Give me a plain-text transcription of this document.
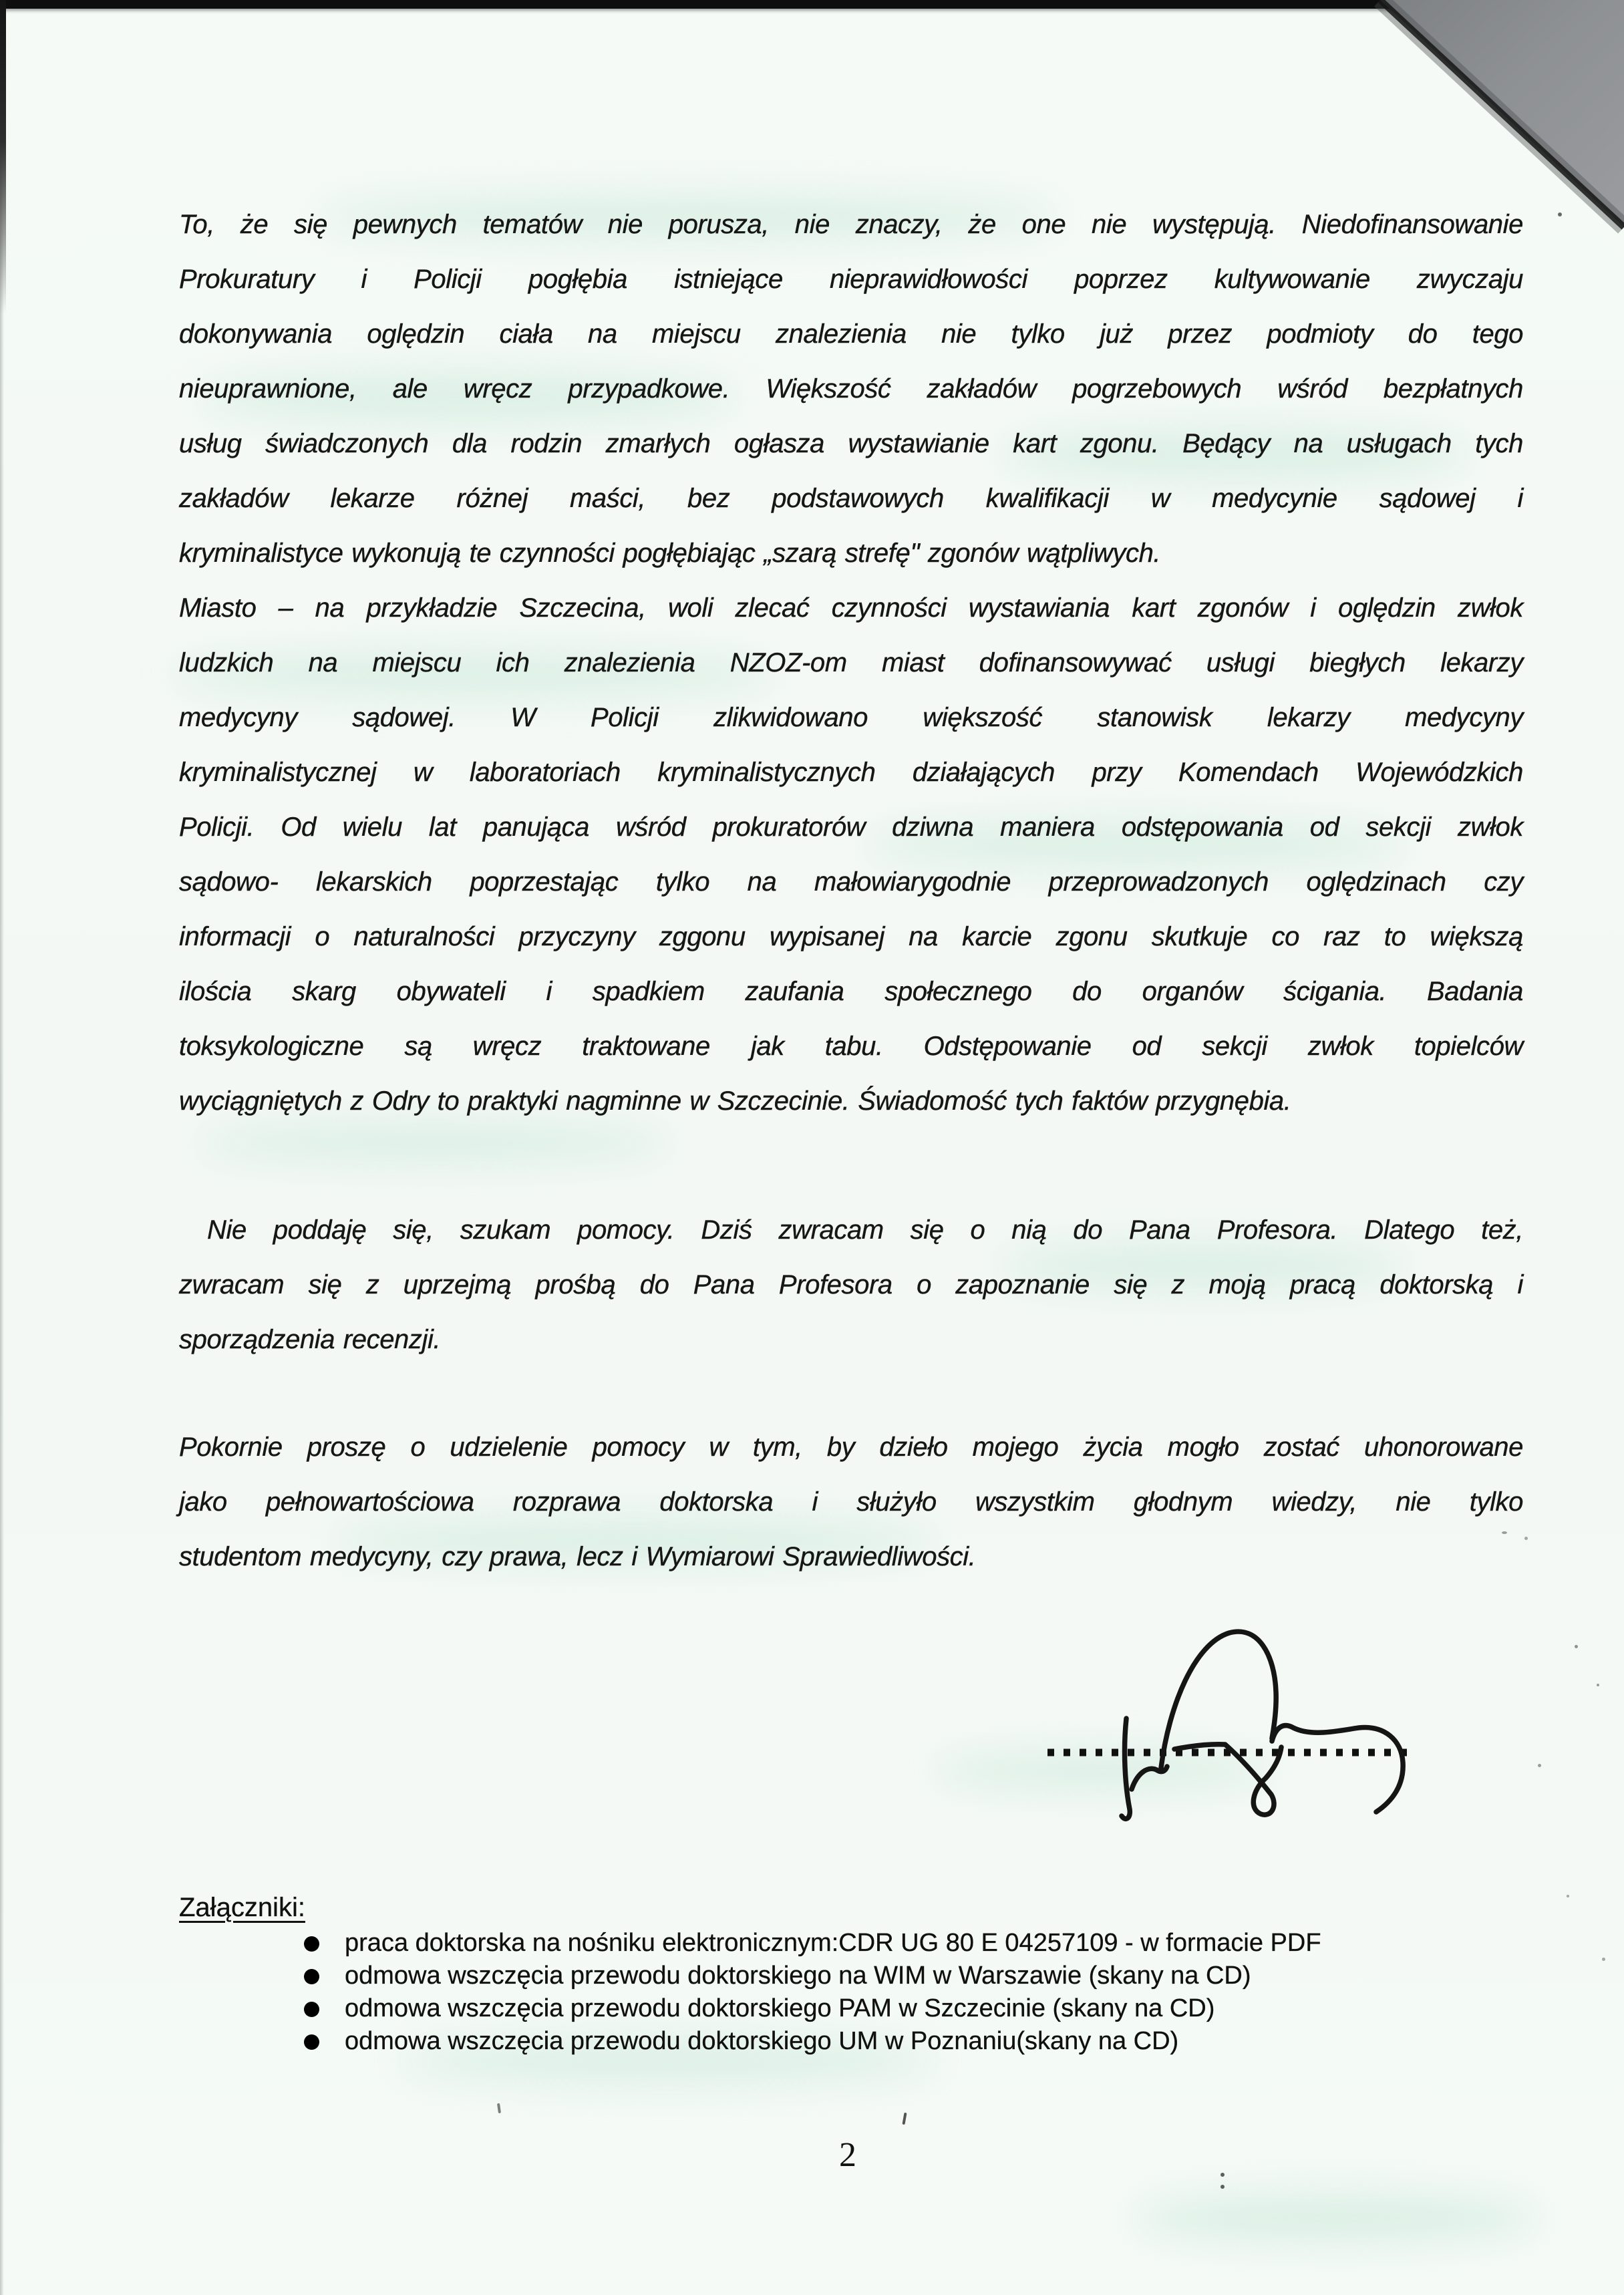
To, że się pewnych tematów nie porusza, nie znaczy, że one nie występują. Niedofinansowanie
Prokuratury i Policji pogłębia istniejące nieprawidłowości poprzez kultywowanie zwyczaju
dokonywania oględzin ciała na miejscu znalezienia nie tylko już przez podmioty do tego
nieuprawnione, ale wręcz przypadkowe. Większość zakładów pogrzebowych wśród bezpłatnych
usług świadczonych dla rodzin zmarłych ogłasza wystawianie kart zgonu. Będący na usługach tych
zakładów lekarze różnej maści, bez podstawowych kwalifikacji w medycynie sądowej i
kryminalistyce wykonują te czynności pogłębiając „szarą strefę" zgonów wątpliwych.
Miasto – na przykładzie Szczecina, woli zlecać czynności wystawiania kart zgonów i oględzin zwłok
ludzkich na miejscu ich znalezienia NZOZ-om miast dofinansowywać usługi biegłych lekarzy
medycyny sądowej. W Policji zlikwidowano większość stanowisk lekarzy medycyny
kryminalistycznej w laboratoriach kryminalistycznych działających przy Komendach Wojewódzkich
Policji. Od wielu lat panująca wśród prokuratorów dziwna maniera odstępowania od sekcji zwłok
sądowo- lekarskich poprzestając tylko na małowiarygodnie przeprowadzonych oględzinach czy
informacji o naturalności przyczyny zggonu wypisanej na karcie zgonu skutkuje co raz to większą
ilościa skarg obywateli i spadkiem zaufania społecznego do organów ścigania. Badania
toksykologiczne są wręcz traktowane jak tabu. Odstępowanie od sekcji zwłok topielców
wyciągniętych z Odry to praktyki nagminne w Szczecinie. Świadomość tych faktów przygnębia.
Nie poddaję się, szukam pomocy. Dziś zwracam się o nią do Pana Profesora. Dlatego też,
zwracam się z uprzejmą prośbą do Pana Profesora o zapoznanie się z moją pracą doktorską i
sporządzenia recenzji.
Pokornie proszę o udzielenie pomocy w tym, by dzieło mojego życia mogło zostać uhonorowane
jako pełnowartościowa rozprawa doktorska i służyło wszystkim głodnym wiedzy, nie tylko
studentom medycyny, czy prawa, lecz i Wymiarowi Sprawiedliwości.
Załączniki:
praca doktorska na nośniku elektronicznym:CDR UG 80 E 04257109 - w formacie PDF
odmowa wszczęcia przewodu doktorskiego na WIM w Warszawie (skany na CD)
odmowa wszczęcia przewodu doktorskiego PAM w Szczecinie (skany na CD)
odmowa wszczęcia przewodu doktorskiego UM w Poznaniu(skany na CD)
2
